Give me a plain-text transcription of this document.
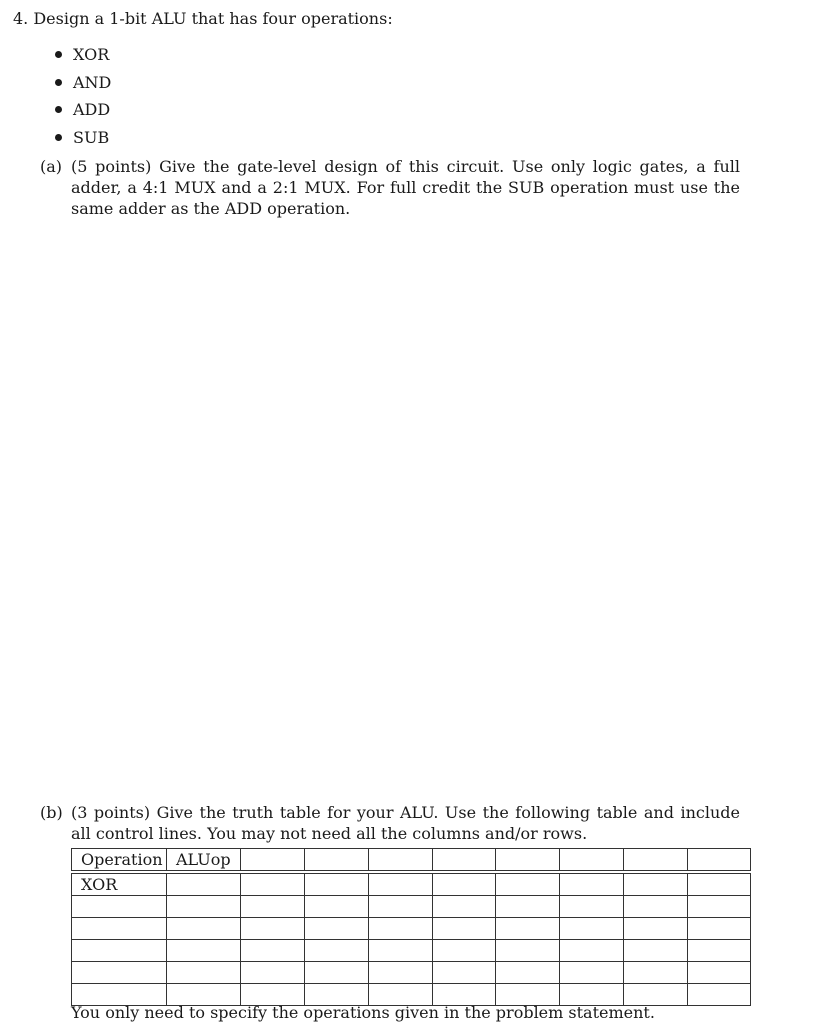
4. Design a 1-bit ALU that has four operations:
XOR
AND
ADD
SUB
(a) (5 points) Give the gate-level design of this circuit. Use only logic gates, a full adder, a 4:1 MUX and a 2:1 MUX. For full credit the SUB operation must use the same adder as the ADD operation.
(b) (3 points) Give the truth table for your ALU. Use the following table and include all control lines. You may not need all the columns and/or rows.
Operation	ALUop								

XOR									

You only need to specify the operations given in the problem statement.
